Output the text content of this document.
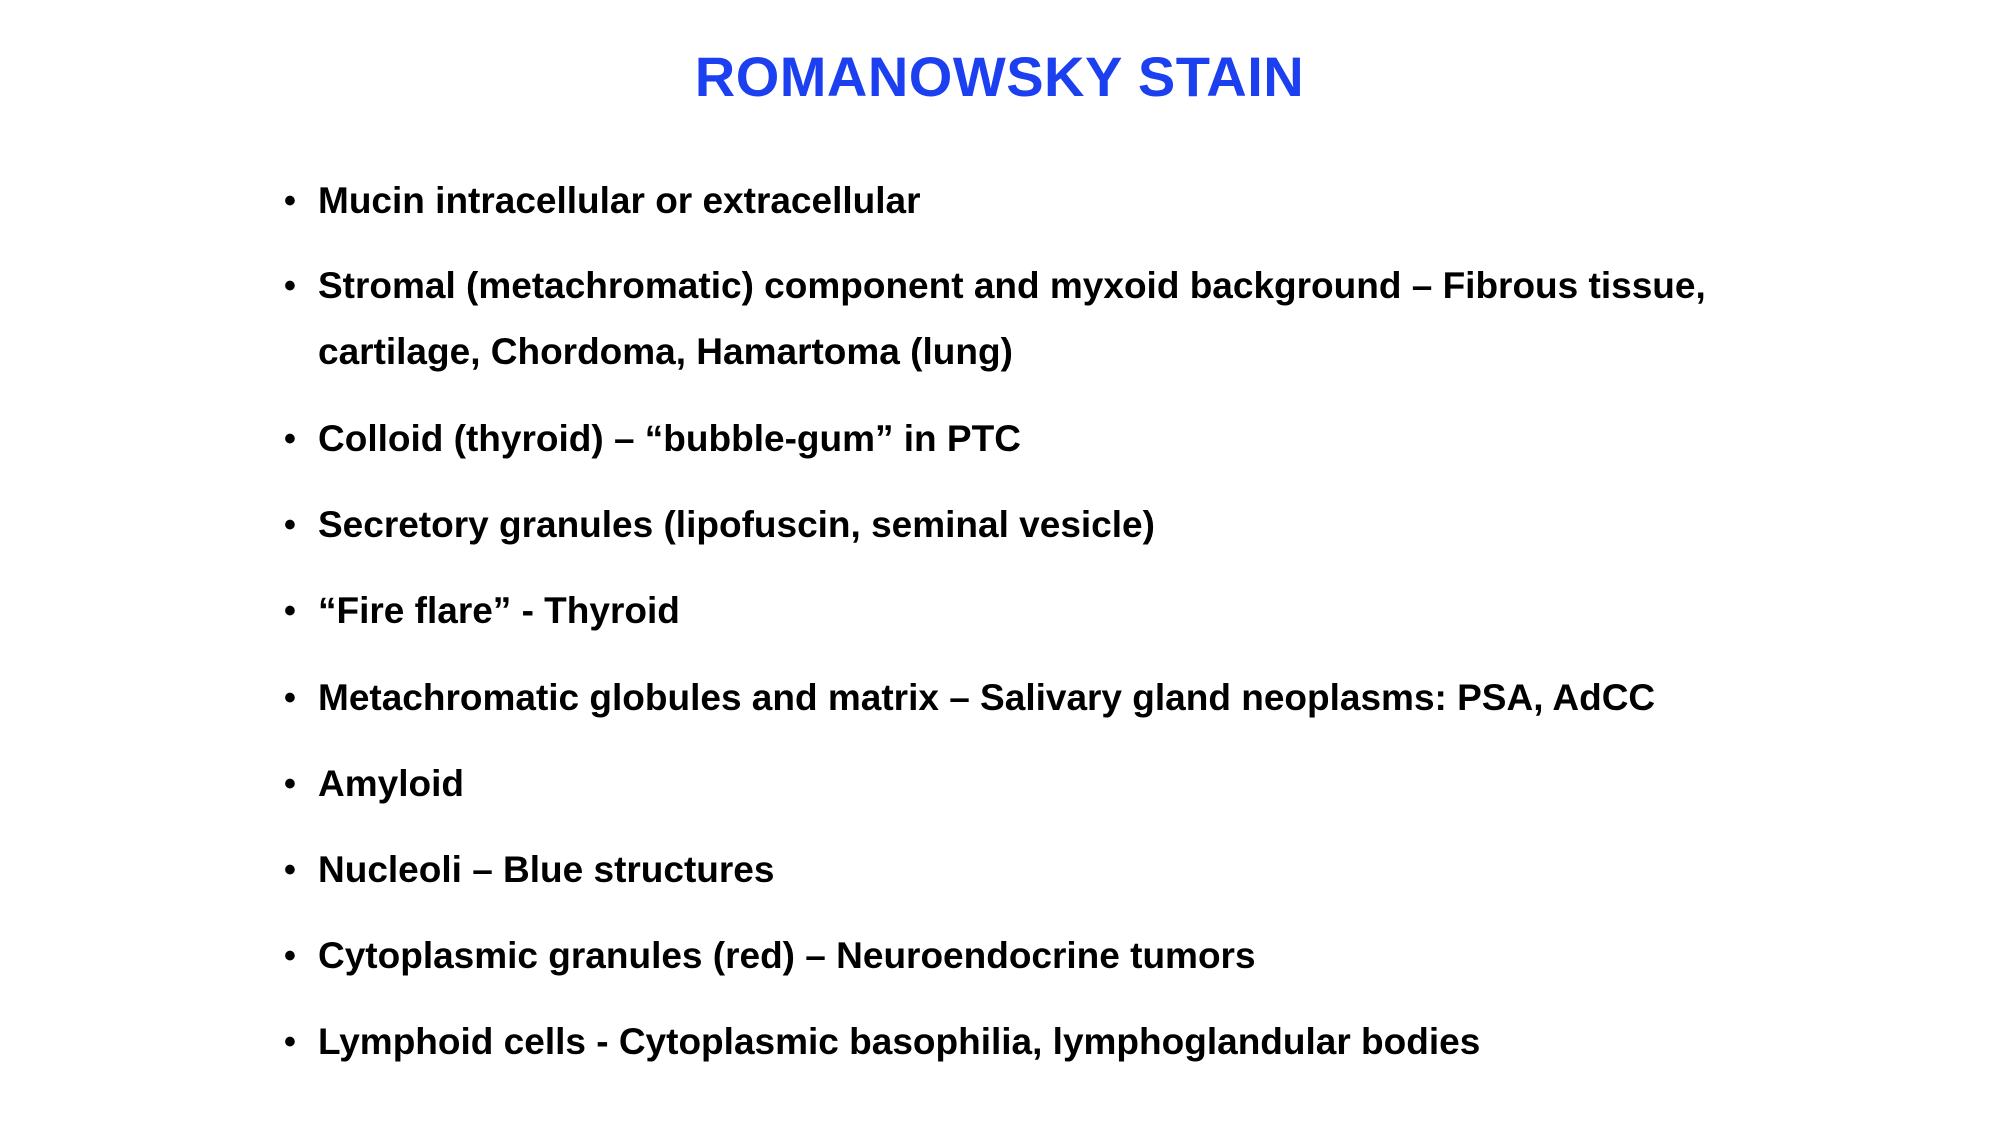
ROMANOWSKY STAIN
• Mucin intracellular or extracellular
• Stromal (metachromatic) component and myxoid background – Fibrous tissue, cartilage, Chordoma, Hamartoma (lung)
• Colloid (thyroid) – “bubble-gum” in PTC
• Secretory granules (lipofuscin, seminal vesicle)
• “Fire flare” - Thyroid
• Metachromatic globules and matrix – Salivary gland neoplasms: PSA, AdCC
• Amyloid
• Nucleoli – Blue structures
• Cytoplasmic granules (red) – Neuroendocrine tumors
• Lymphoid cells - Cytoplasmic basophilia, lymphoglandular bodies
